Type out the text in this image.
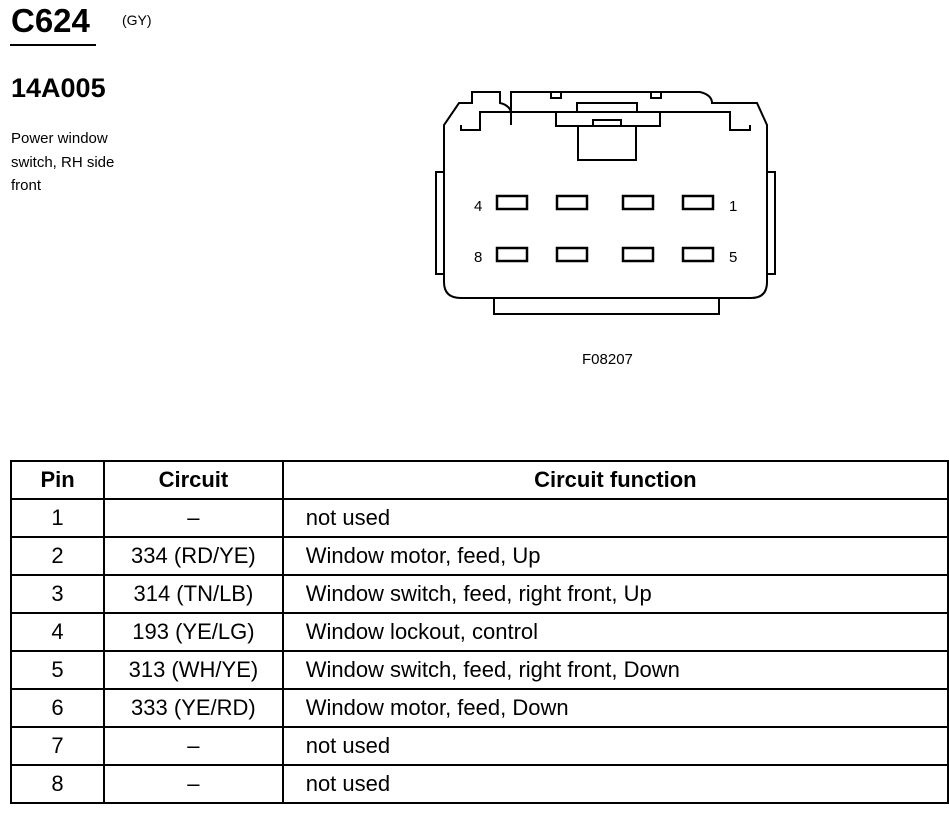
C624 (GY)
14A005
Power window
switch, RH side
front
4	1
8	5
F08207
Pin	Circuit	Circuit function
1	–	not used
2	334 (RD/YE)	Window motor, feed, Up
3	314 (TN/LB)	Window switch, feed, right front, Up
4	193 (YE/LG)	Window lockout, control
5	313 (WH/YE)	Window switch, feed, right front, Down
6	333 (YE/RD)	Window motor, feed, Down
7	–	not used
8	–	not used
